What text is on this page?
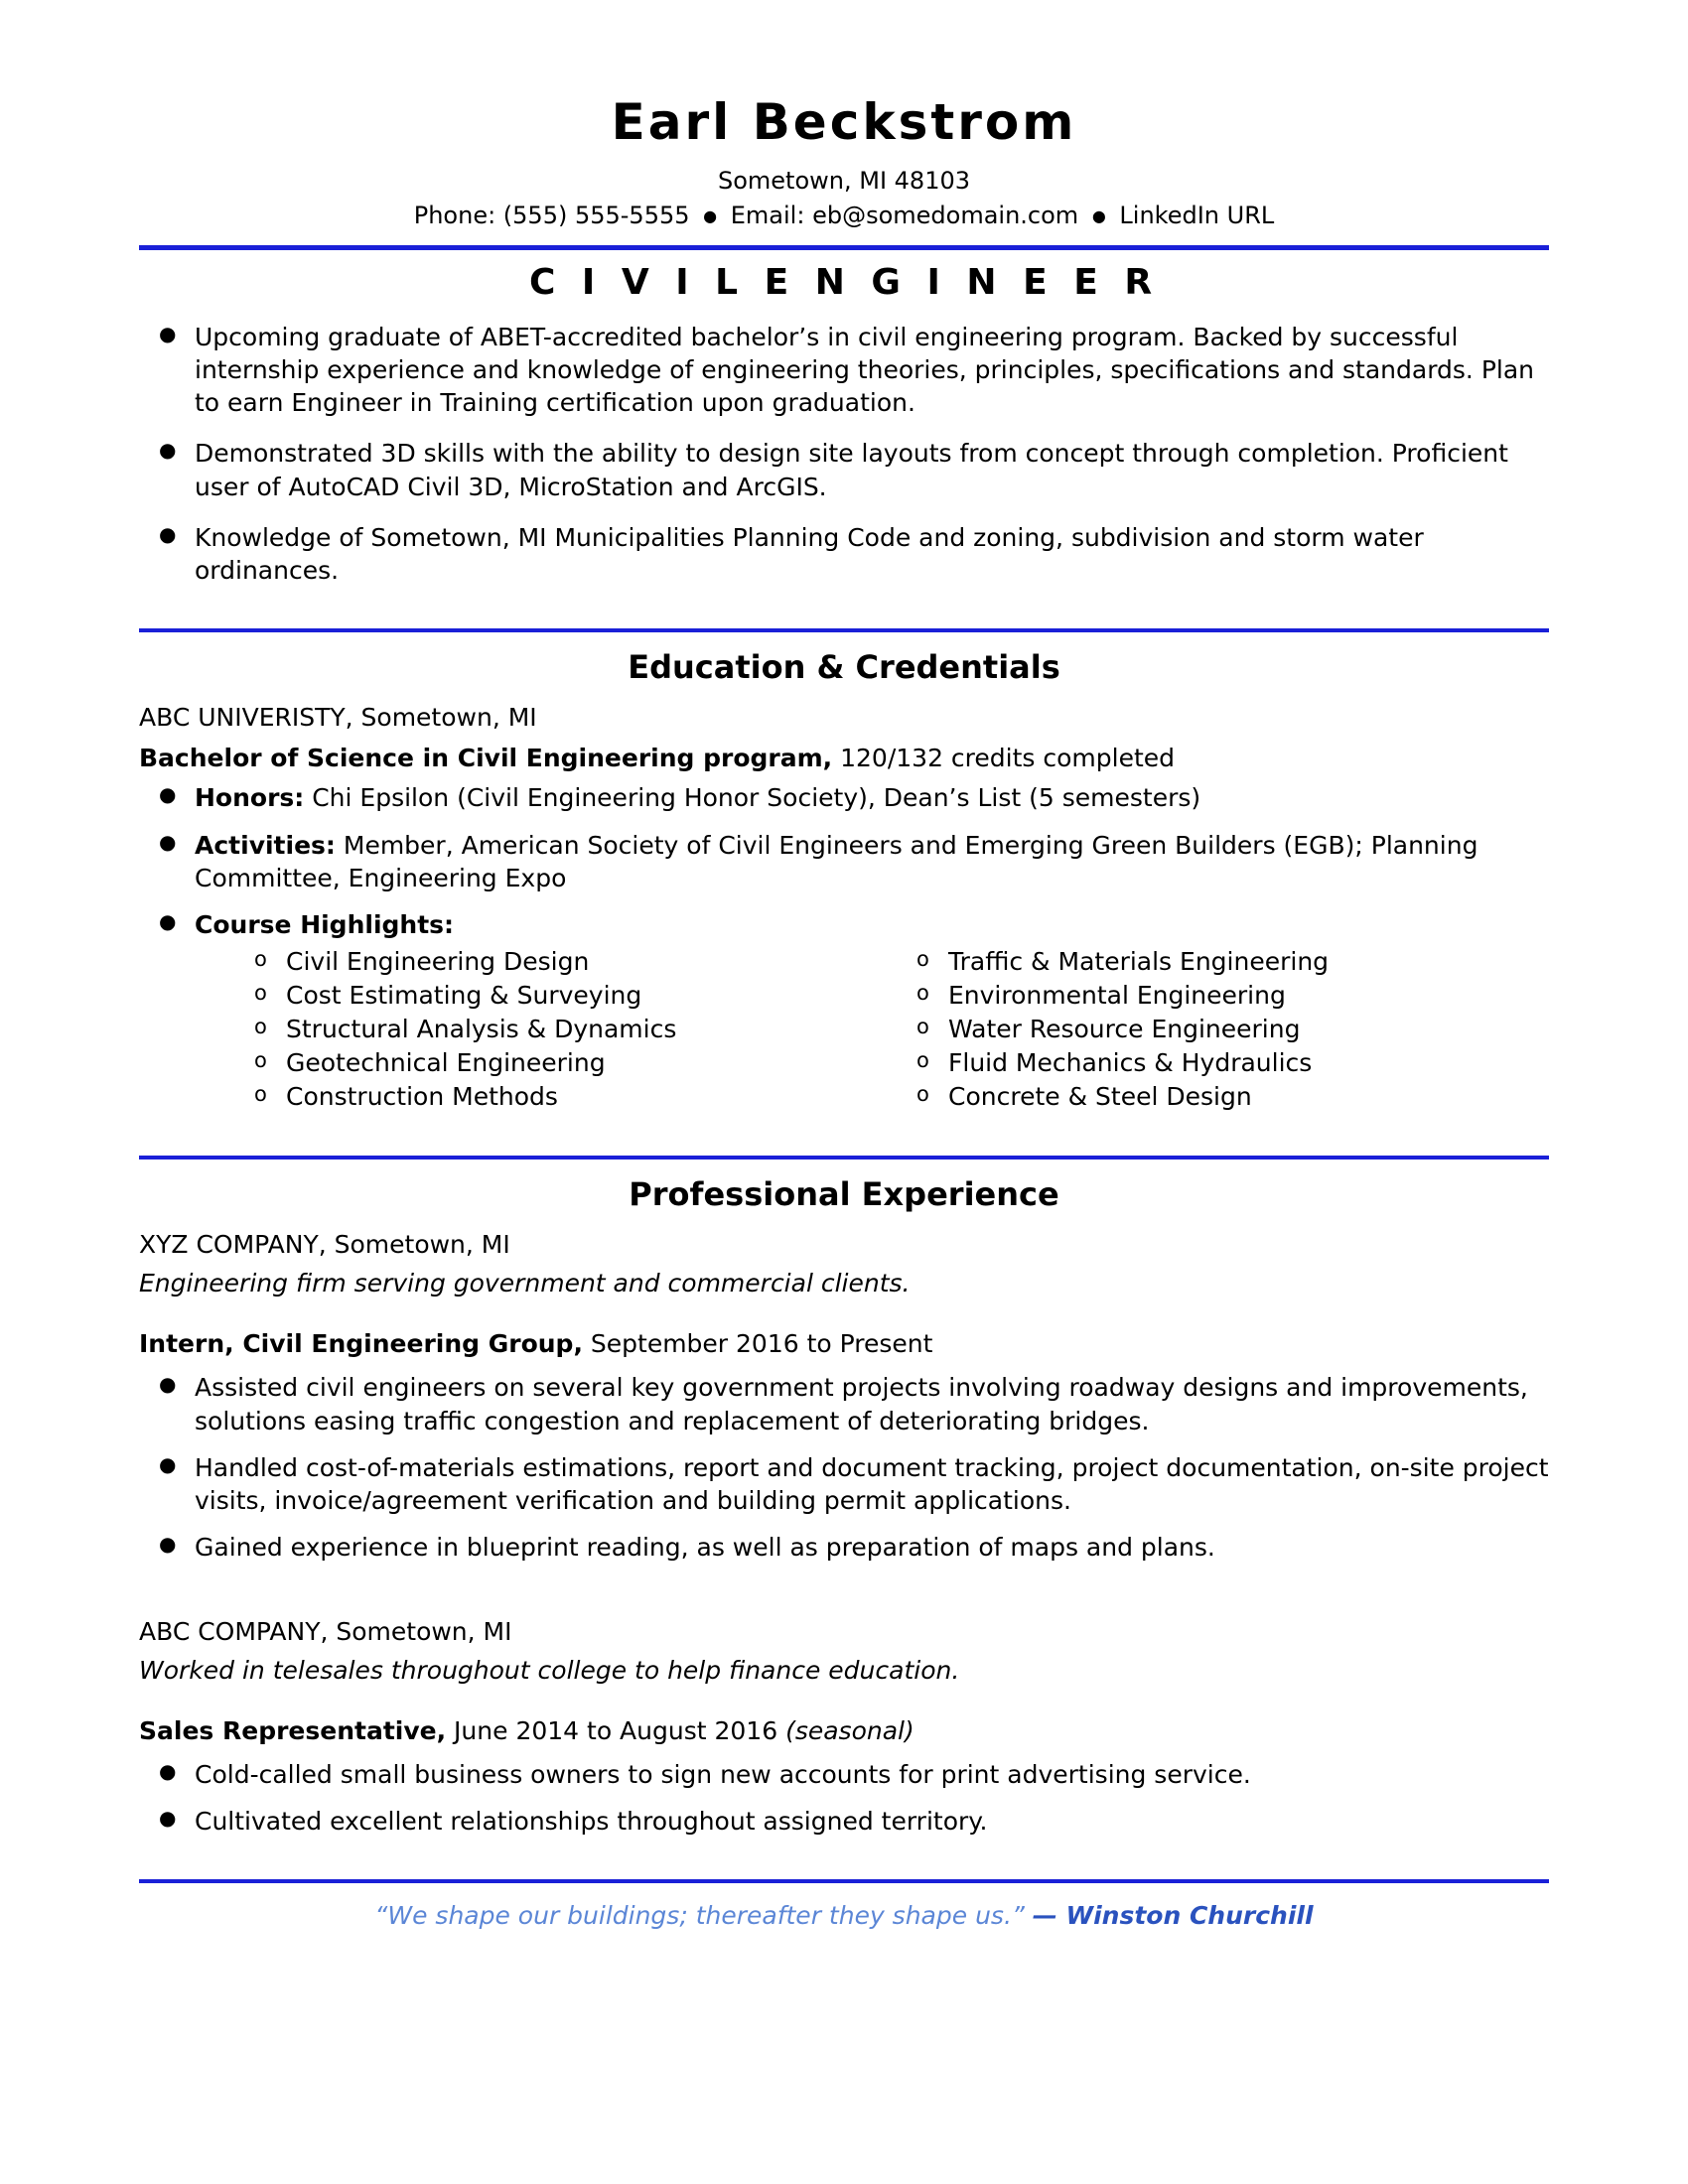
Earl Beckstrom
Sometown, MI 48103
Phone: (555) 555-5555 ● Email: eb@somedomain.com ● LinkedIn URL
C I V I L E N G I N E E R
● Upcoming graduate of ABET-accredited bachelor’s in civil engineering program. Backed by successful internship experience and knowledge of engineering theories, principles, specifications and standards. Plan to earn Engineer in Training certification upon graduation.
● Demonstrated 3D skills with the ability to design site layouts from concept through completion. Proficient user of AutoCAD Civil 3D, MicroStation and ArcGIS.
● Knowledge of Sometown, MI Municipalities Planning Code and zoning, subdivision and storm water ordinances.
Education & Credentials
ABC UNIVERISTY, Sometown, MI
Bachelor of Science in Civil Engineering program, 120/132 credits completed
● Honors: Chi Epsilon (Civil Engineering Honor Society), Dean’s List (5 semesters)
● Activities: Member, American Society of Civil Engineers and Emerging Green Builders (EGB); Planning Committee, Engineering Expo
● Course Highlights:
o Civil Engineering Design
o Cost Estimating & Surveying
o Structural Analysis & Dynamics
o Geotechnical Engineering
o Construction Methods
o Traffic & Materials Engineering
o Environmental Engineering
o Water Resource Engineering
o Fluid Mechanics & Hydraulics
o Concrete & Steel Design
Professional Experience
XYZ COMPANY, Sometown, MI
Engineering firm serving government and commercial clients.
Intern, Civil Engineering Group, September 2016 to Present
● Assisted civil engineers on several key government projects involving roadway designs and improvements, solutions easing traffic congestion and replacement of deteriorating bridges.
● Handled cost-of-materials estimations, report and document tracking, project documentation, on-site project visits, invoice/agreement verification and building permit applications.
● Gained experience in blueprint reading, as well as preparation of maps and plans.
ABC COMPANY, Sometown, MI
Worked in telesales throughout college to help finance education.
Sales Representative, June 2014 to August 2016 (seasonal)
● Cold-called small business owners to sign new accounts for print advertising service.
● Cultivated excellent relationships throughout assigned territory.
“We shape our buildings; thereafter they shape us.” — Winston Churchill
